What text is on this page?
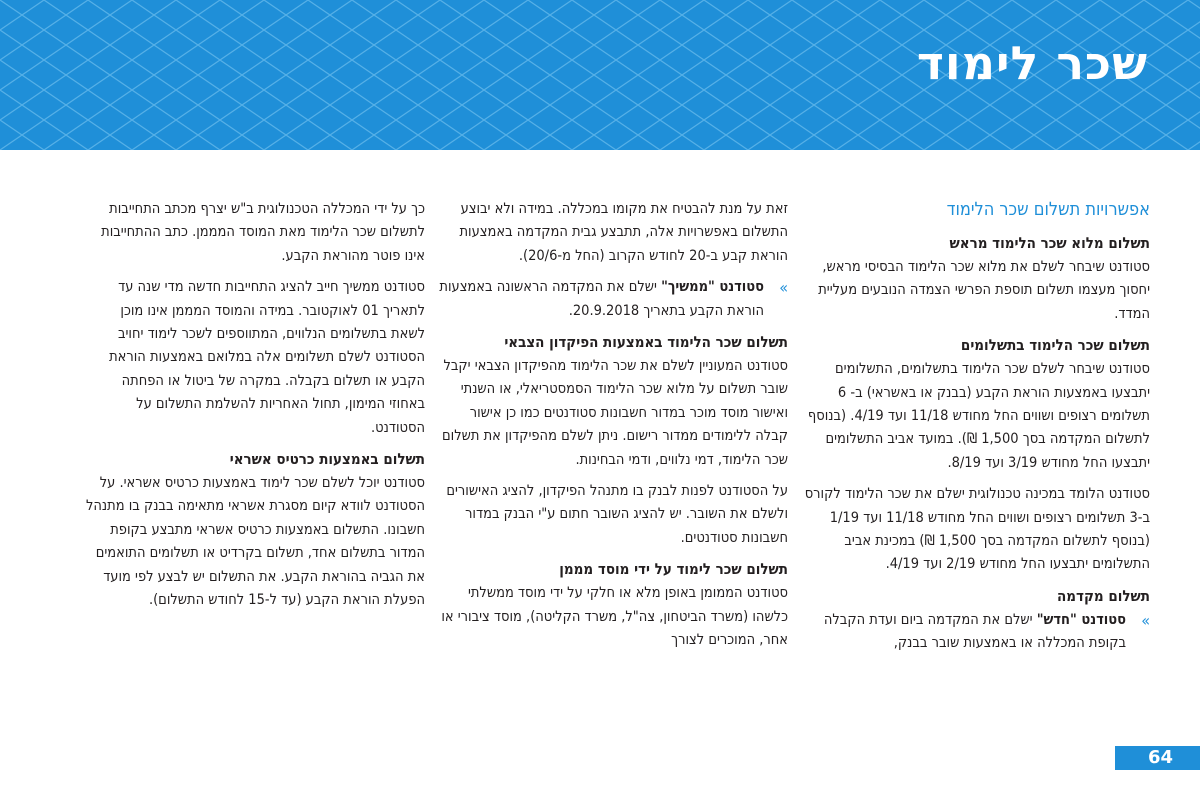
שכר לימוד
אפשרויות תשלום שכר הלימוד
תשלום מלוא שכר הלימוד מראש

סטודנט שיבחר לשלם את מלוא שכר הלימוד הבסיסי מראש, יחסוך מעצמו תשלום תוספת הפרשי הצמדה הנובעים מעליית המדד.

תשלום שכר הלימוד בתשלומים

סטודנט שיבחר לשלם שכר הלימוד בתשלומים, התשלומים יתבצעו באמצעות הוראת הקבע (בבנק או באשראי) ב- 6 תשלומים רצופים ושווים החל מחודש 11/18 ועד 4/19. (בנוסף לתשלום המקדמה בסך 1,500 ₪). במועד אביב התשלומים יתבצעו החל מחודש 3/19 ועד 8/19.

סטודנט הלומד במכינה טכנולוגית ישלם את שכר הלימוד לקורס ב-3 תשלומים רצופים ושווים החל מחודש 11/18 ועד 1/19 (בנוסף לתשלום המקדמה בסך 1,500 ₪) במכינת אביב התשלומים יתבצעו החל מחודש 2/19 ועד 4/19.

תשלום מקדמה
»
סטודנט "חדש" ישלם את המקדמה ביום ועדת הקבלה בקופת המכללה או באמצעות שובר בבנק,

זאת על מנת להבטיח את מקומו במכללה. במידה ולא יבוצע התשלום באפשרויות אלה, תתבצע גבית המקדמה באמצעות הוראת קבע ב-20 לחודש הקרוב (החל מ-20/6).

»
סטודנט "ממשיך" ישלם את המקדמה הראשונה באמצעות הוראת הקבע בתאריך 20.9.2018.
תשלום שכר הלימוד באמצעות הפיקדון הצבאי

סטודנט המעוניין לשלם את שכר הלימוד מהפיקדון הצבאי יקבל שובר תשלום על מלוא שכר הלימוד הסמסטריאלי, או השנתי ואישור מוסד מוכר במדור חשבונות סטודנטים כמו כן אישור קבלה ללימודים ממדור רישום. ניתן לשלם מהפיקדון את תשלום שכר הלימוד, דמי נלווים, ודמי הבחינות.

על הסטודנט לפנות לבנק בו מתנהל הפיקדון, להציג האישורים ולשלם את השובר. יש להציג השובר חתום ע"י הבנק במדור חשבונות סטודנטים.

תשלום שכר לימוד על ידי מוסד מממן

סטודנט הממומן באופן מלא או חלקי על ידי מוסד ממשלתי כלשהו (משרד הביטחון, צה"ל, משרד הקליטה), מוסד ציבורי או אחר, המוכרים לצורך

כך על ידי המכללה הטכנולוגית ב"ש יצרף מכתב התחייבות לתשלום שכר הלימוד מאת המוסד המממן. כתב ההתחייבות אינו פוטר מהוראת הקבע.

סטודנט ממשיך חייב להציג התחייבות חדשה מדי שנה עד לתאריך 01 לאוקטובר. במידה והמוסד המממן אינו מוכן לשאת בתשלומים הנלווים, המתווספים לשכר לימוד יחויב הסטודנט לשלם תשלומים אלה במלואם באמצעות הוראת הקבע או תשלום בקבלה. במקרה של ביטול או הפחתה באחוזי המימון, תחול האחריות להשלמת התשלום על הסטודנט.

תשלום באמצעות כרטיס אשראי

סטודנט יוכל לשלם שכר לימוד באמצעות כרטיס אשראי. על הסטודנט לוודא קיום מסגרת אשראי מתאימה בבנק בו מתנהל חשבונו. התשלום באמצעות כרטיס אשראי מתבצע בקופת המדור בתשלום אחד, תשלום בקרדיט או תשלומים התואמים את הגביה בהוראת הקבע. את התשלום יש לבצע לפי מועד הפעלת הוראת הקבע (עד ל-15 לחודש התשלום).

64
